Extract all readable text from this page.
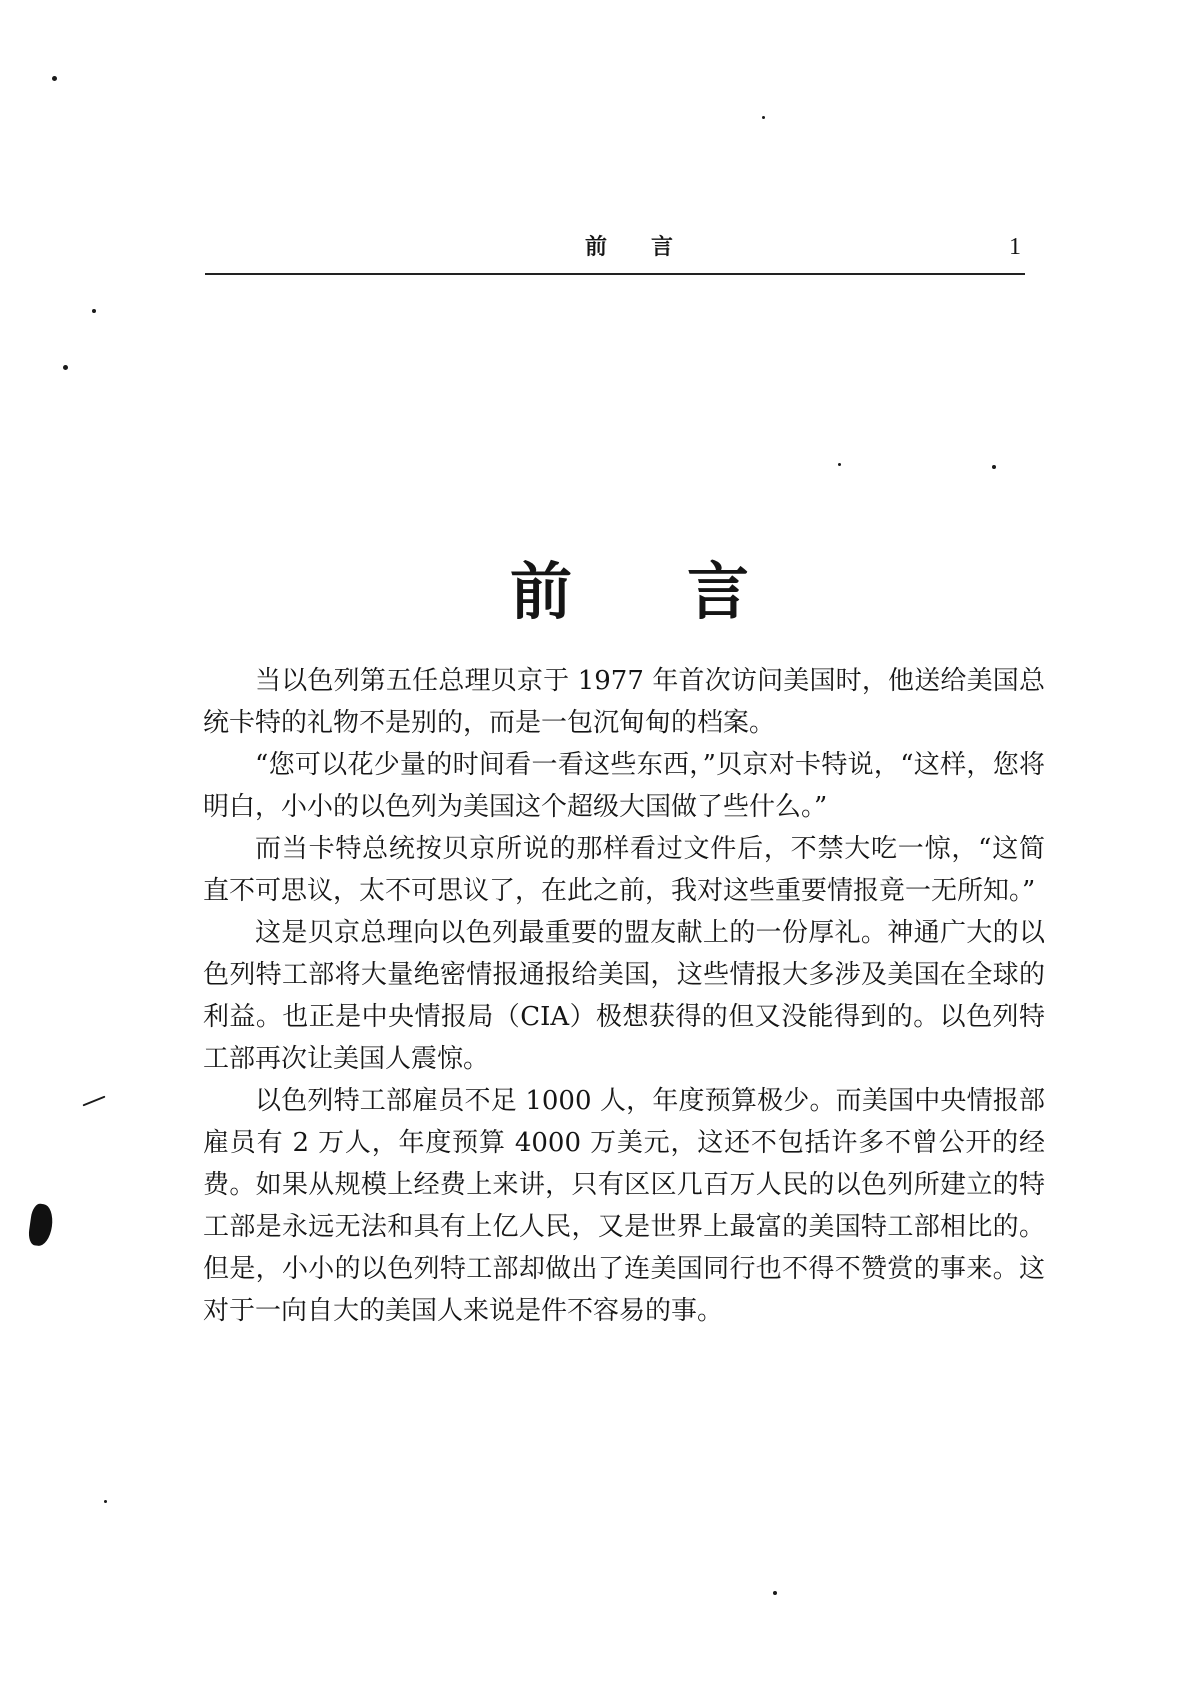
前言	1
前言

当以色列第五任总理贝京于 1977 年首次访问美国时，他送给美国总统卡特的礼物不是别的，而是一包沉甸甸的档案。

“您可以花少量的时间看一看这些东西，”贝京对卡特说，“这样，您将明白，小小的以色列为美国这个超级大国做了些什么。”

而当卡特总统按贝京所说的那样看过文件后，不禁大吃一惊，“这简直不可思议，太不可思议了，在此之前，我对这些重要情报竟一无所知。”

这是贝京总理向以色列最重要的盟友献上的一份厚礼。神通广大的以色列特工部将大量绝密情报通报给美国，这些情报大多涉及美国在全球的利益。也正是中央情报局（CIA）极想获得的但又没能得到的。以色列特工部再次让美国人震惊。

以色列特工部雇员不足 1000 人，年度预算极少。而美国中央情报部雇员有 2 万人，年度预算 4000 万美元，这还不包括许多不曾公开的经费。如果从规模上经费上来讲，只有区区几百万人民的以色列所建立的特工部是永远无法和具有上亿人民，又是世界上最富的美国特工部相比的。但是，小小的以色列特工部却做出了连美国同行也不得不赞赏的事来。这对于一向自大的美国人来说是件不容易的事。
